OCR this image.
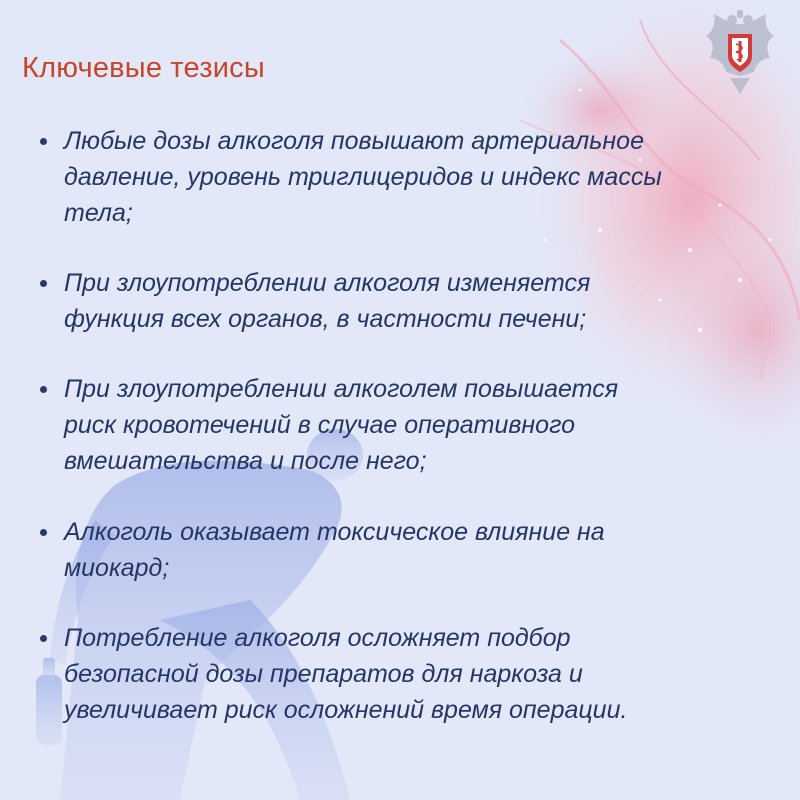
Ключевые тезисы
Любые дозы алкоголя повышают артериальное
давление, уровень триглицеридов и индекс массы
тела;
При злоупотреблении алкоголя изменяется
функция всех органов, в частности печени;
При злоупотреблении алкоголем повышается
риск кровотечений в случае оперативного
вмешательства и после него;
Алкоголь оказывает токсическое влияние на
миокард;
Потребление алкоголя осложняет подбор
безопасной дозы препаратов для наркоза и
увеличивает риск осложнений время операции.
